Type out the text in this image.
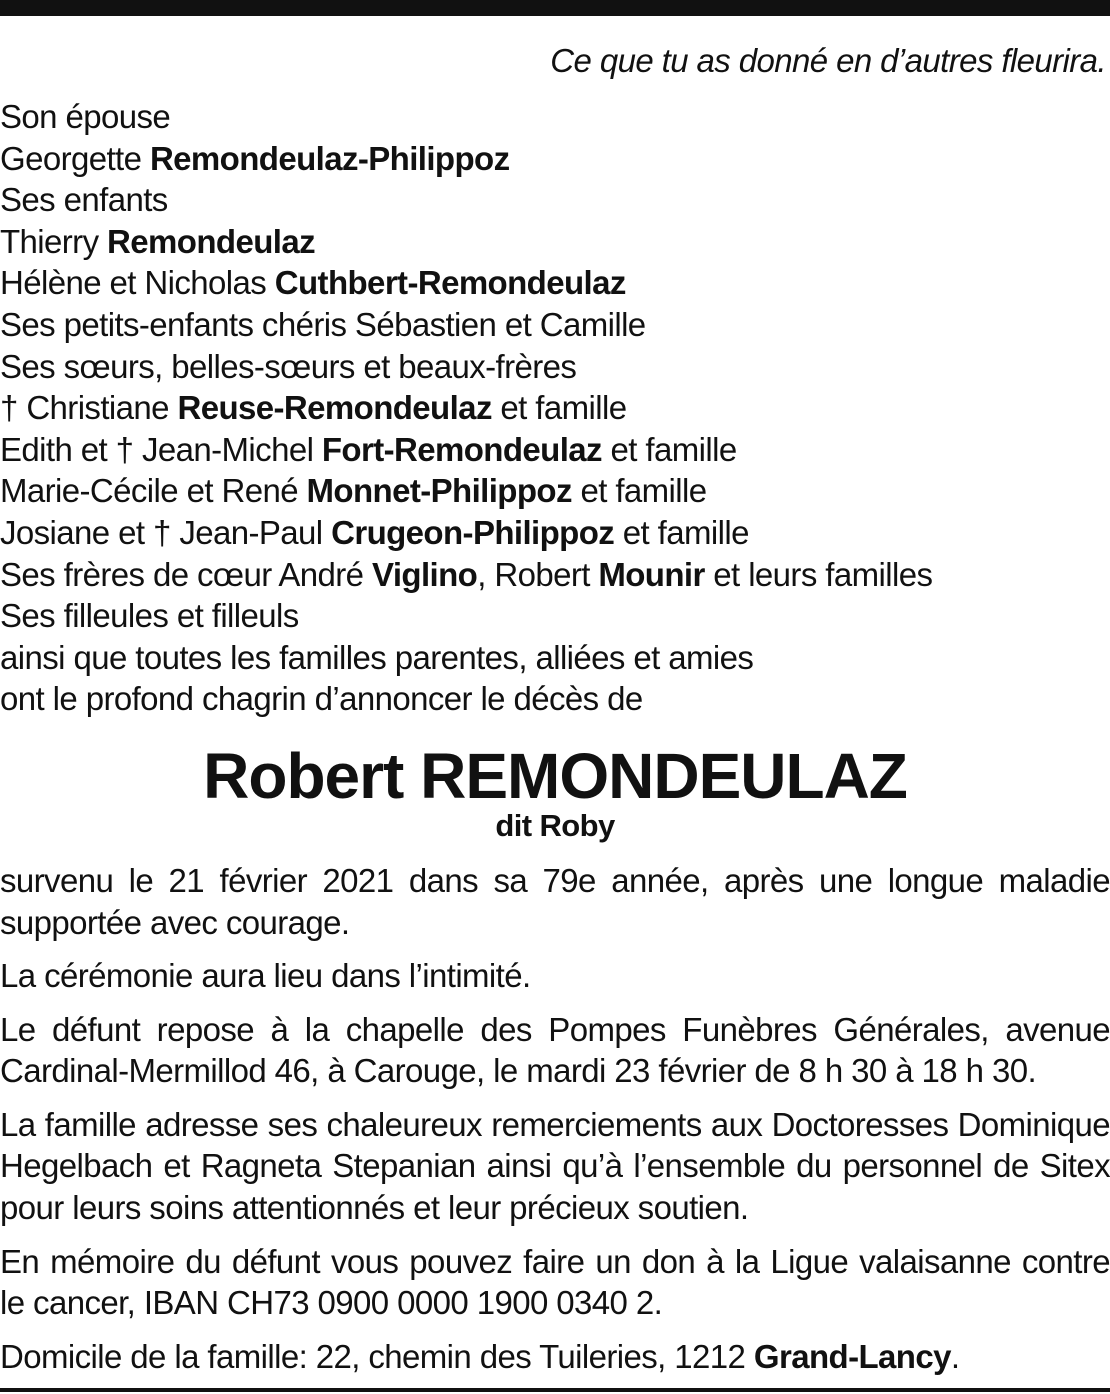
Ce que tu as donné en d’autres fleurira.
Son épouse
Georgette Remondeulaz-Philippoz
Ses enfants
Thierry Remondeulaz
Hélène et Nicholas Cuthbert-Remondeulaz
Ses petits-enfants chéris Sébastien et Camille
Ses sœurs, belles-sœurs et beaux-frères
† Christiane Reuse-Remondeulaz et famille
Edith et † Jean-Michel Fort-Remondeulaz et famille
Marie-Cécile et René Monnet-Philippoz et famille
Josiane et † Jean-Paul Crugeon-Philippoz et famille
Ses frères de cœur André Viglino, Robert Mounir et leurs familles
Ses filleules et filleuls
ainsi que toutes les familles parentes, alliées et amies
ont le profond chagrin d’annoncer le décès de
Robert REMONDEULAZ
dit Roby
survenu le 21 février 2021 dans sa 79e année, après une longue maladie supportée avec courage.
La cérémonie aura lieu dans l’intimité.
Le défunt repose à la chapelle des Pompes Funèbres Générales, avenue Cardinal-Mermillod 46, à Carouge, le mardi 23 février de 8 h 30 à 18 h 30.
La famille adresse ses chaleureux remerciements aux Doctoresses Dominique Hegelbach et Ragneta Stepanian ainsi qu’à l’ensemble du personnel de Sitex pour leurs soins attentionnés et leur précieux soutien.
En mémoire du défunt vous pouvez faire un don à la Ligue valaisanne contre le cancer, IBAN CH73 0900 0000 1900 0340 2.
Domicile de la famille: 22, chemin des Tuileries, 1212 Grand-Lancy.
